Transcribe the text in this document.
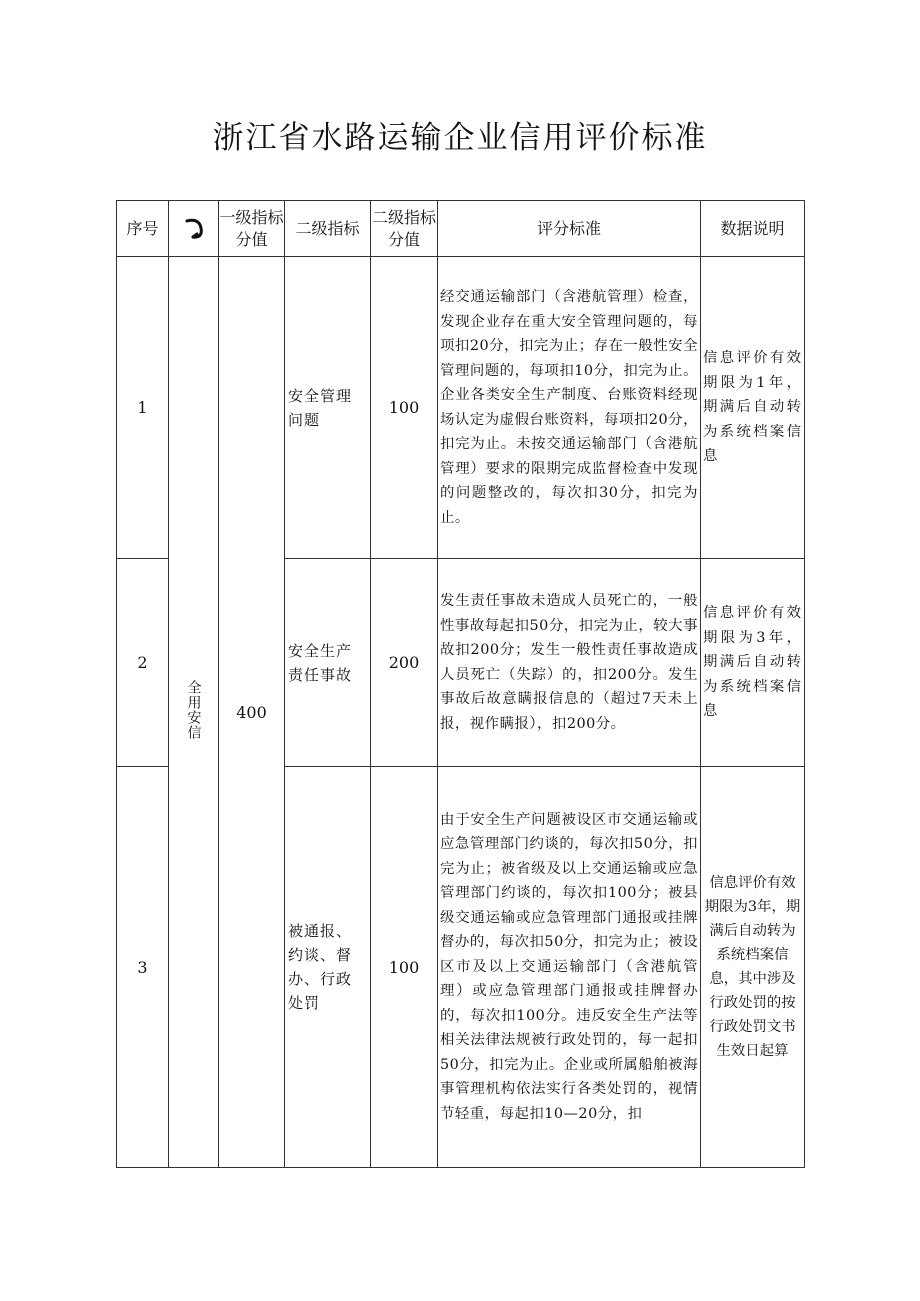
浙江省水路运输企业信用评价标准
序号		一级指标分值	二级指标	二级指标分值	评分标准	数据说明
1	全用安信	400	安全管理问题	100	经交通运输部门（含港航管理）检查，发现企业存在重大安全管理问题的，每项扣20分，扣完为止；存在一般性安全管理问题的，每项扣10分，扣完为止。企业各类安全生产制度、台账资料经现场认定为虚假台账资料，每项扣20分，扣完为止。未按交通运输部门（含港航管理）要求的限期完成监督检查中发现的问题整改的，每次扣30分，扣完为止。	信息评价有效期限为1年，期满后自动转为系统档案信息
2			安全生产责任事故	200	发生责任事故未造成人员死亡的，一般性事故每起扣50分，扣完为止，较大事故扣200分；发生一般性责任事故造成人员死亡（失踪）的，扣200分。发生事故后故意瞒报信息的（超过7天未上报，视作瞒报），扣200分。	信息评价有效期限为3年，期满后自动转为系统档案信息
3			被通报、约谈、督办、行政处罚	100	由于安全生产问题被设区市交通运输或应急管理部门约谈的，每次扣50分，扣完为止；被省级及以上交通运输或应急管理部门约谈的，每次扣100分；被县级交通运输或应急管理部门通报或挂牌督办的，每次扣50分，扣完为止；被设区市及以上交通运输部门（含港航管理）或应急管理部门通报或挂牌督办的，每次扣100分。违反安全生产法等相关法律法规被行政处罚的，每一起扣50分，扣完为止。企业或所属船舶被海事管理机构依法实行各类处罚的，视情节轻重，每起扣10—20分，扣	信息评价有效期限为3年，期满后自动转为系统档案信息，其中涉及行政处罚的按行政处罚文书生效日起算
